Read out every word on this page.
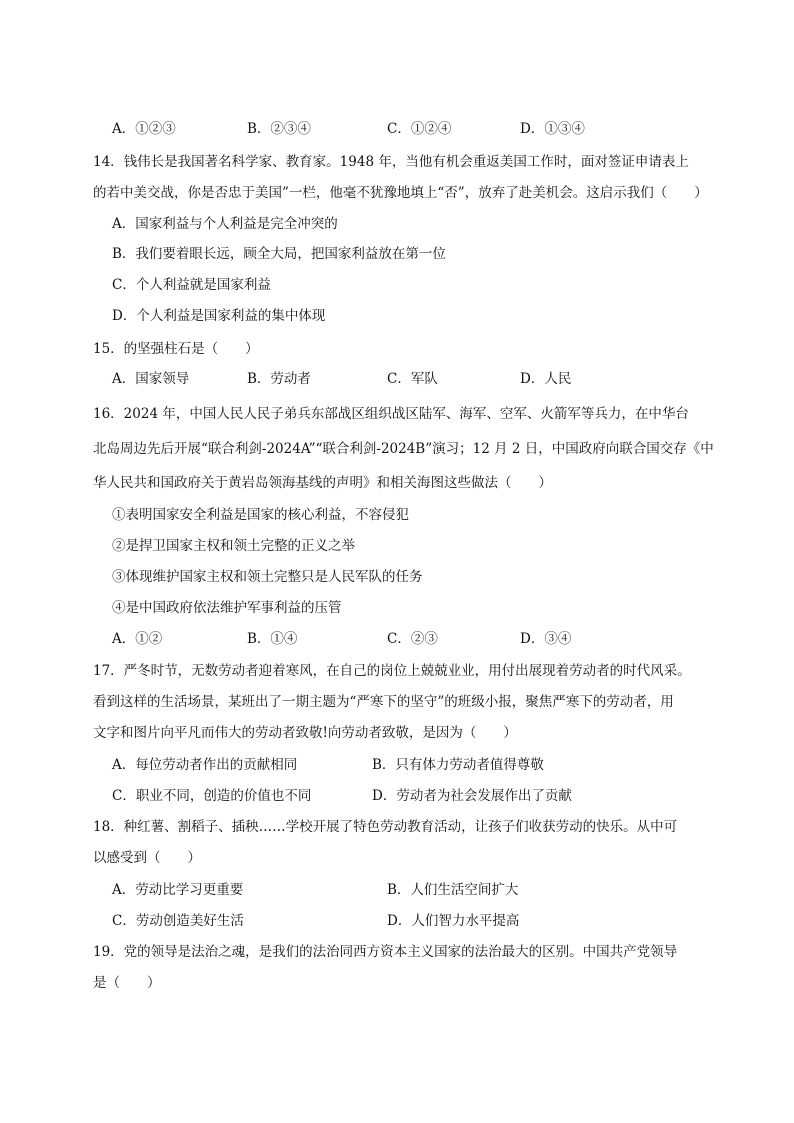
A．①②③	B．②③④	C．①②④	D．①③④
14．钱伟长是我国著名科学家、教育家。1948 年，当他有机会重返美国工作时，面对签证申请表上
的若中美交战，你是否忠于美国”一栏，他毫不犹豫地填上“否”，放弃了赴美机会。这启示我们（　　）
A．国家利益与个人利益是完全冲突的
B．我们要着眼长远，顾全大局，把国家利益放在第一位
C．个人利益就是国家利益
D．个人利益是国家利益的集中体现
15．的坚强柱石是（　　）
A．国家领导	B．劳动者	C．军队	D．人民
16．2024 年，中国人民人民子弟兵东部战区组织战区陆军、海军、空军、火箭军等兵力，在中华台
北岛周边先后开展“联合利剑-2024A”“联合利剑-2024B”演习；12 月 2 日，中国政府向联合国交存《中
华人民共和国政府关于黄岩岛领海基线的声明》和相关海图这些做法（　　）
①表明国家安全利益是国家的核心利益，不容侵犯
②是捍卫国家主权和领土完整的正义之举
③体现维护国家主权和领土完整只是人民军队的任务
④是中国政府依法维护军事利益的压管
A．①②	B．①④	C．②③	D．③④
17．严冬时节，无数劳动者迎着寒风，在自己的岗位上兢兢业业，用付出展现着劳动者的时代风采。
看到这样的生活场景，某班出了一期主题为“严寒下的坚守”的班级小报，聚焦严寒下的劳动者，用
文字和图片向平凡而伟大的劳动者致敬!向劳动者致敬，是因为（　　）
A．每位劳动者作出的贡献相同	B．只有体力劳动者值得尊敬
C．职业不同，创造的价值也不同	D．劳动者为社会发展作出了贡献
18．种红薯、割稻子、插秧……学校开展了特色劳动教育活动，让孩子们收获劳动的快乐。从中可
以感受到（　　）
A．劳动比学习更重要	B．人们生活空间扩大
C．劳动创造美好生活	D．人们智力水平提高
19．党的领导是法治之魂，是我们的法治同西方资本主义国家的法治最大的区别。中国共产党领导
是（　　）
